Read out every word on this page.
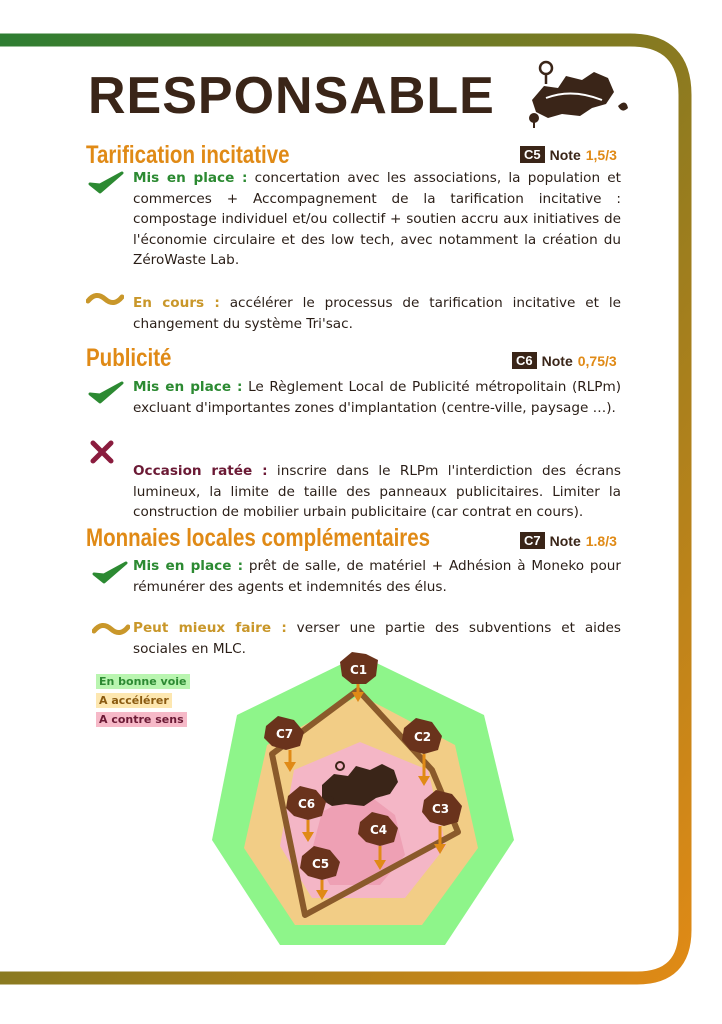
RESPONSABLE
Tarification incitative	C5 Note 1,5/3
Mis en place : concertation avec les associations, la population et commerces + Accompagnement de la tarification incitative : compostage individuel et/ou collectif + soutien accru aux initiatives de l'économie circulaire et des low tech, avec notamment la création du ZéroWaste Lab.
En cours : accélérer le processus de tarification incitative et le changement du système Tri'sac.
Publicité	C6 Note 0,75/3
Mis en place : Le Règlement Local de Publicité métropolitain (RLPm) excluant d'importantes zones d'implantation (centre-ville, paysage …).
Occasion ratée : inscrire dans le RLPm l'interdiction des écrans lumineux, la limite de taille des panneaux publicitaires. Limiter la construction de mobilier urbain publicitaire (car contrat en cours).
Monnaies locales complémentaires	C7 Note 1.8/3
Mis en place : prêt de salle, de matériel + Adhésion à Moneko pour rémunérer des agents et indemnités des élus.
Peut mieux faire : verser une partie des subventions et aides sociales en MLC.
En bonne voie
A accélérer
A contre sens
C1
C2
C3
C4
C5
C6
C7
